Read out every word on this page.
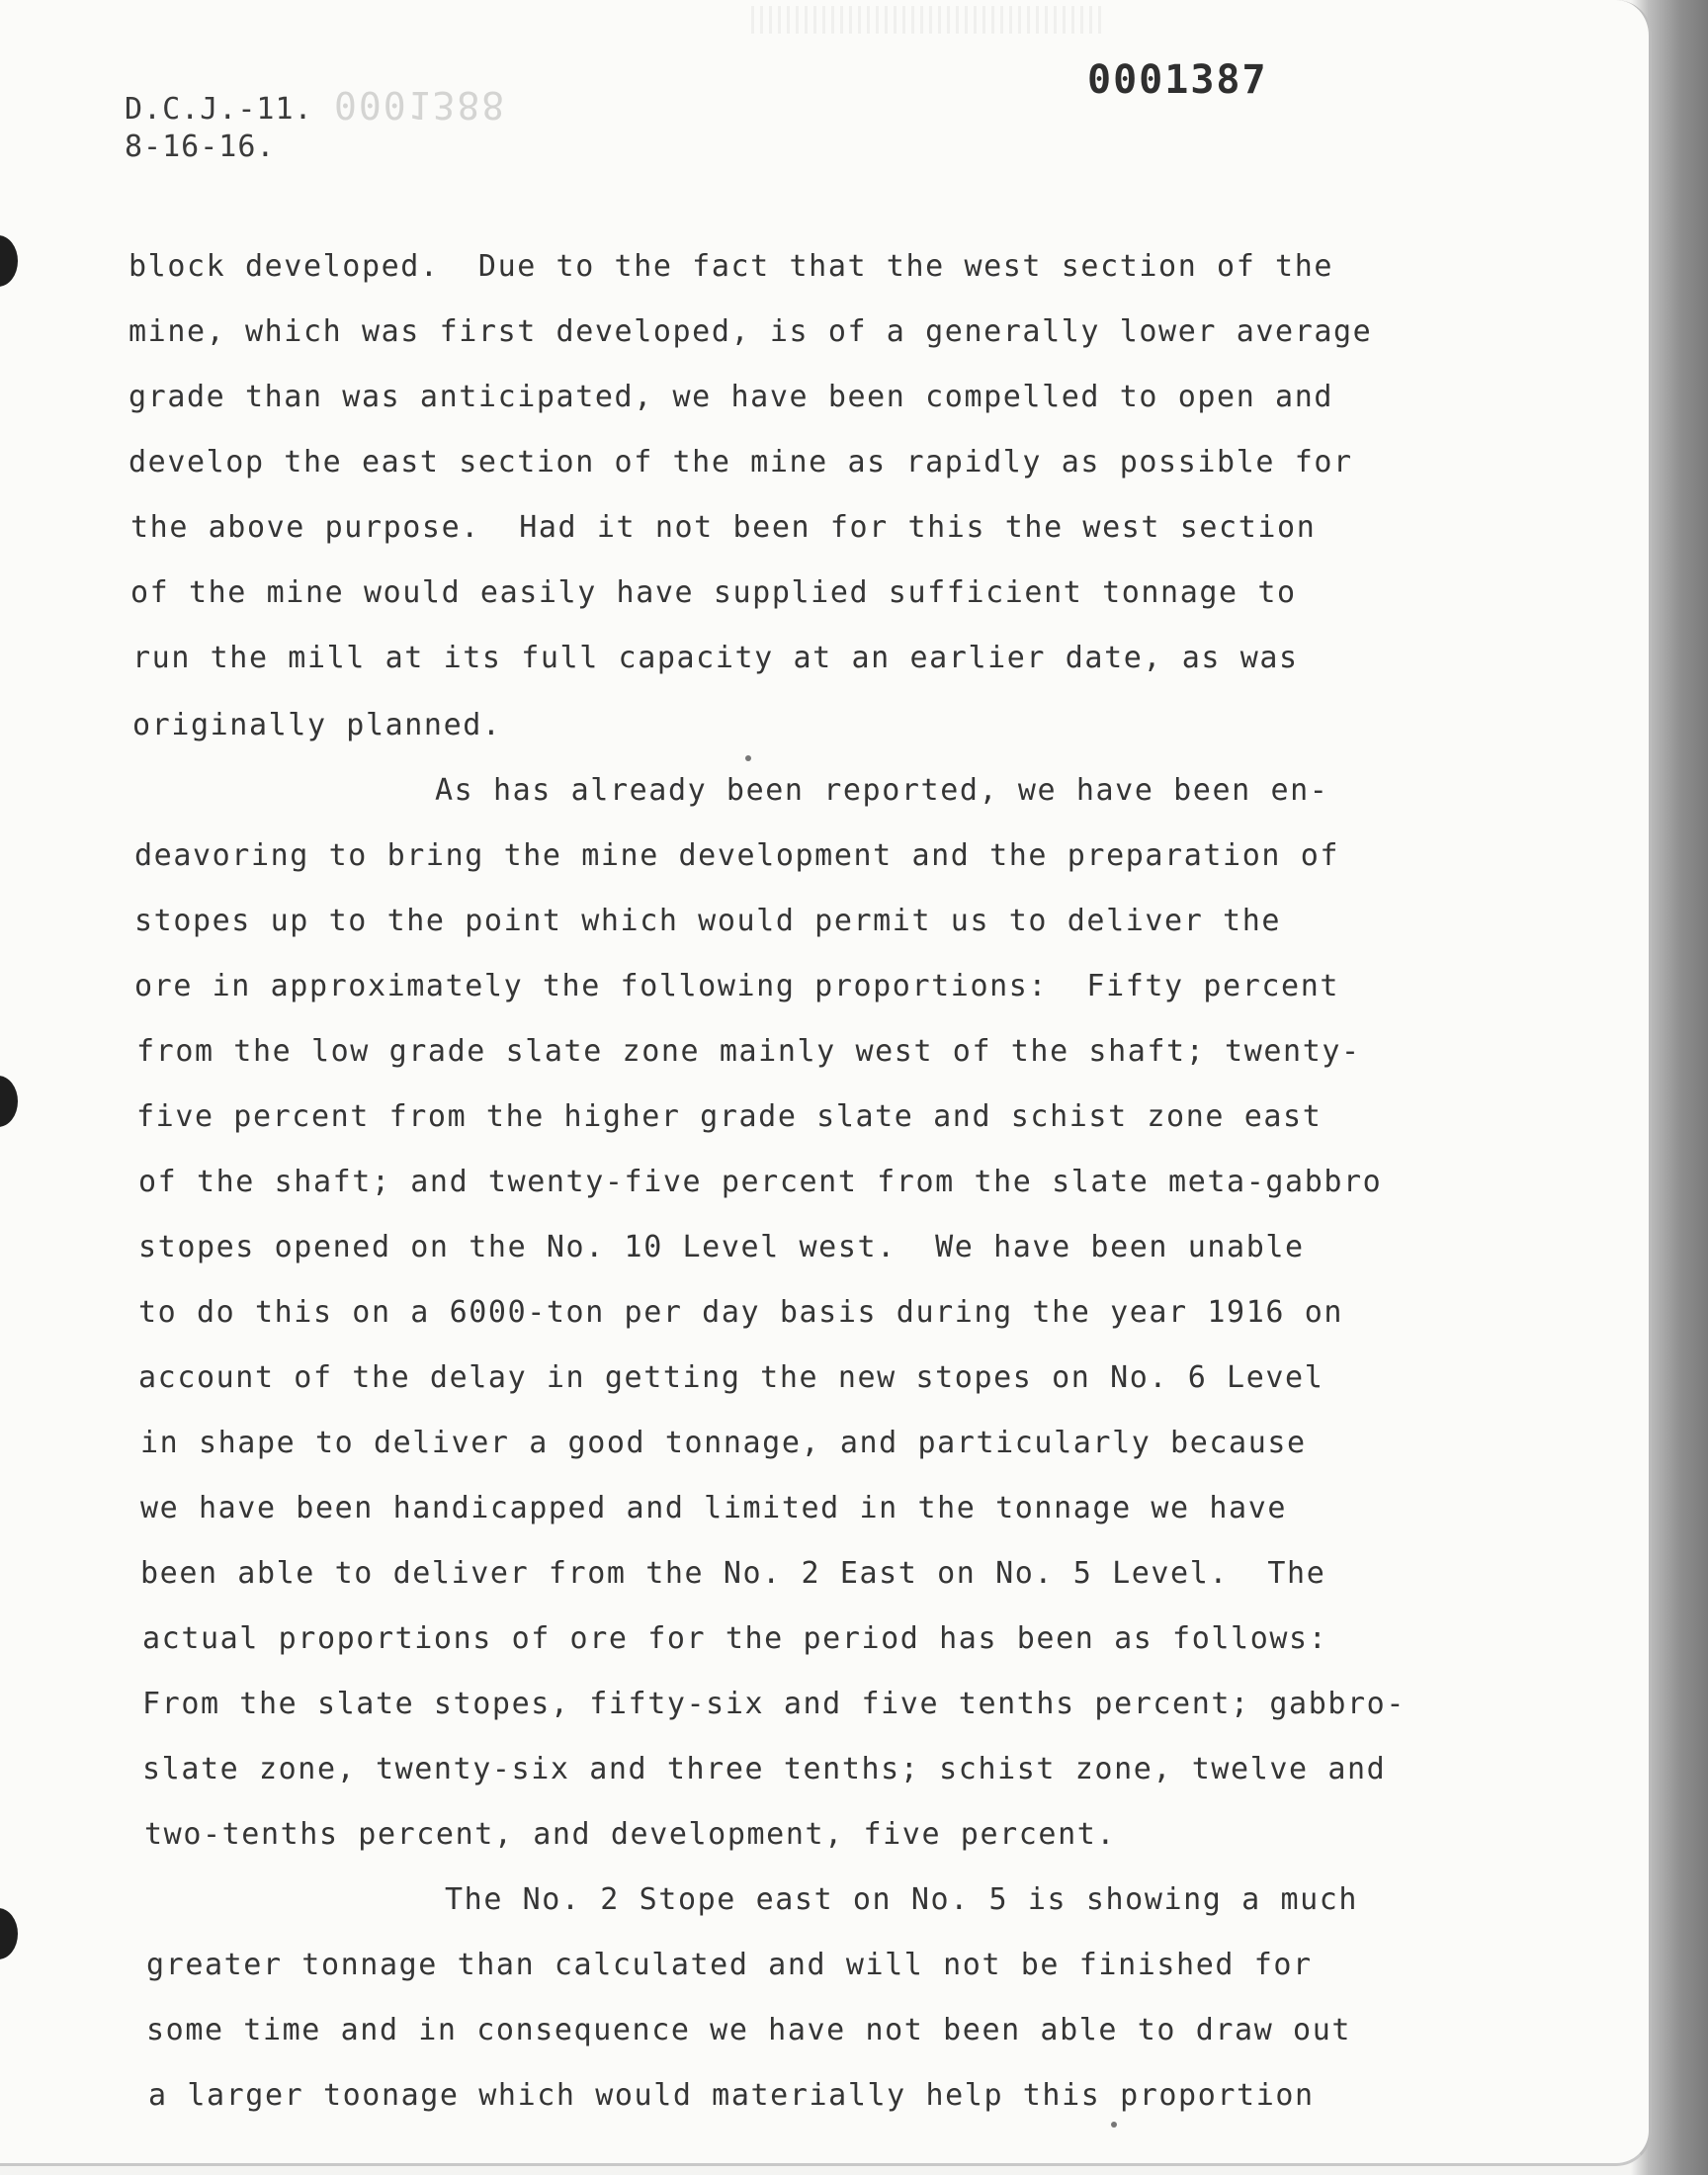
D.C.J.-11.
8-16-16.
0001388
0001387
block developed.  Due to the fact that the west section of the
mine, which was first developed, is of a generally lower average
grade than was anticipated, we have been compelled to open and
develop the east section of the mine as rapidly as possible for
the above purpose.  Had it not been for this the west section
of the mine would easily have supplied sufficient tonnage to
run the mill at its full capacity at an earlier date, as was
originally planned.
As has already been reported, we have been en-
deavoring to bring the mine development and the preparation of
stopes up to the point which would permit us to deliver the
ore in approximately the following proportions:  Fifty percent
from the low grade slate zone mainly west of the shaft; twenty-
five percent from the higher grade slate and schist zone east
of the shaft; and twenty-five percent from the slate meta-gabbro
stopes opened on the No. 10 Level west.  We have been unable
to do this on a 6000-ton per day basis during the year 1916 on
account of the delay in getting the new stopes on No. 6 Level
in shape to deliver a good tonnage, and particularly because
we have been handicapped and limited in the tonnage we have
been able to deliver from the No. 2 East on No. 5 Level.  The
actual proportions of ore for the period has been as follows:
From the slate stopes, fifty-six and five tenths percent; gabbro-
slate zone, twenty-six and three tenths; schist zone, twelve and
two-tenths percent, and development, five percent.
The No. 2 Stope east on No. 5 is showing a much
greater tonnage than calculated and will not be finished for
some time and in consequence we have not been able to draw out
a larger toonage which would materially help this proportion
